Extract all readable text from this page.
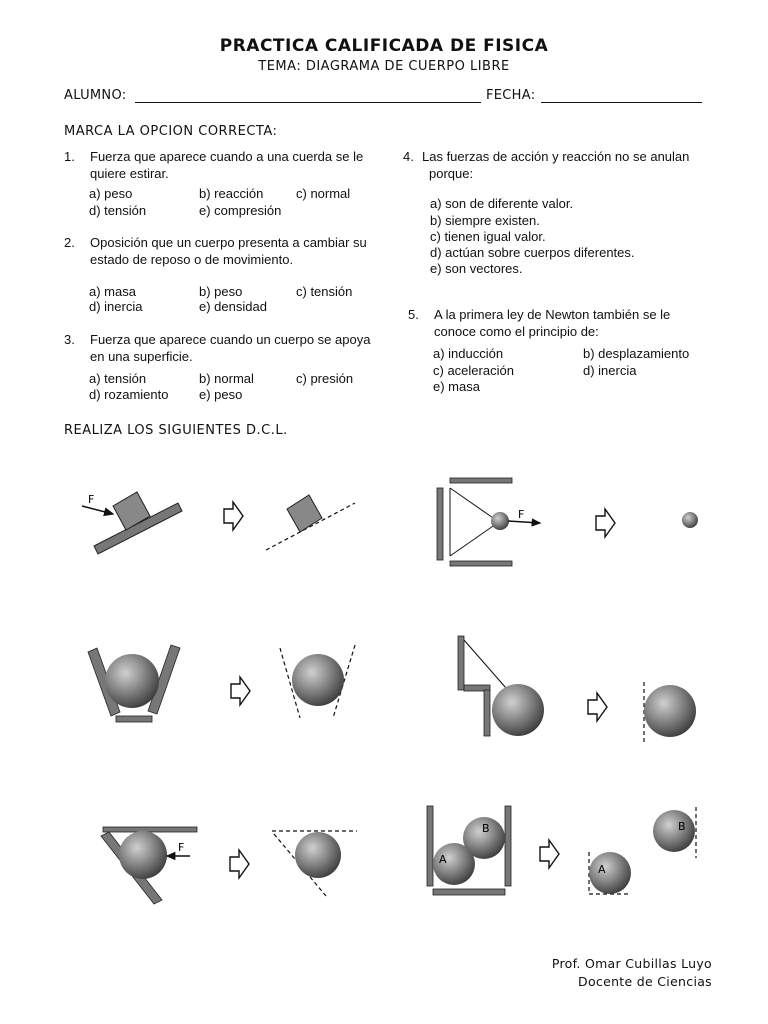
PRACTICA CALIFICADA DE FISICA
TEMA: DIAGRAMA DE CUERPO LIBRE
ALUMNO:	FECHA:
MARCA LA OPCION CORRECTA:
1. Fuerza que aparece cuando a una cuerda se le
quiere estirar.
a) peso	b) reacción	c) normal
d) tensión	e) compresión
2. Oposición que un cuerpo presenta a cambiar su
estado de reposo o de movimiento.
a) masa	b) peso	c) tensión
d) inercia	e) densidad
3. Fuerza que aparece cuando un cuerpo se apoya
en una superficie.
a) tensión	b) normal	c) presión
d) rozamiento e) peso
4. Las fuerzas de acción y reacción no se anulan
porque:
a) son de diferente valor.
b) siempre existen.
c) tienen igual valor.
d) actúan sobre cuerpos diferentes.
e) son vectores.
5. A la primera ley de Newton también se le
conoce como el principio de:
a) inducción	b) desplazamiento
c) aceleración	d) inercia
e) masa
REALIZA LOS SIGUIENTES D.C.L.
F
F
F
B
A
B
A
Prof. Omar Cubillas Luyo
Docente de Ciencias
